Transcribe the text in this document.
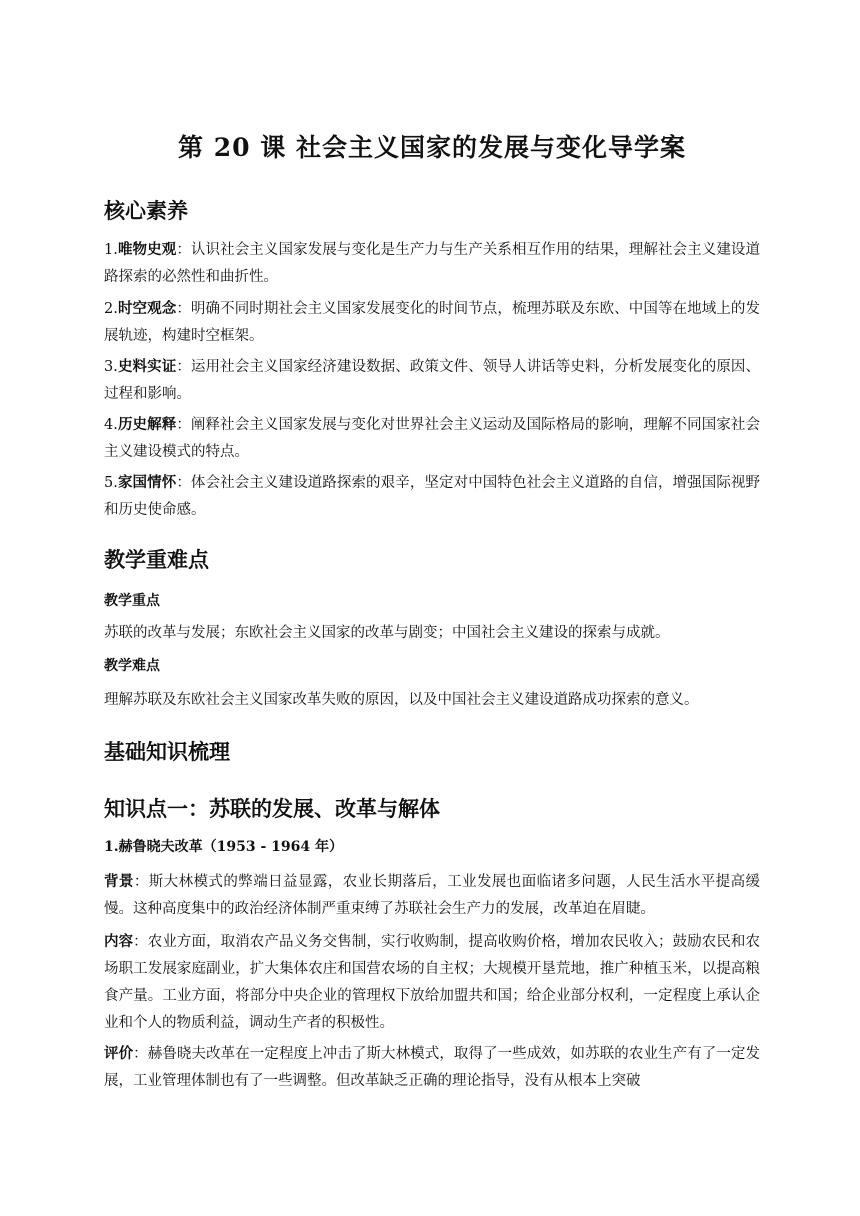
第 20 课 社会主义国家的发展与变化导学案
核心素养

1.唯物史观：认识社会主义国家发展与变化是生产力与生产关系相互作用的结果，理解社会主义建设道路探索的必然性和曲折性。

2.时空观念：明确不同时期社会主义国家发展变化的时间节点，梳理苏联及东欧、中国等在地域上的发展轨迹，构建时空框架。

3.史料实证：运用社会主义国家经济建设数据、政策文件、领导人讲话等史料，分析发展变化的原因、过程和影响。

4.历史解释：阐释社会主义国家发展与变化对世界社会主义运动及国际格局的影响，理解不同国家社会主义建设模式的特点。

5.家国情怀：体会社会主义建设道路探索的艰辛，坚定对中国特色社会主义道路的自信，增强国际视野和历史使命感。

教学重难点

教学重点

苏联的改革与发展；东欧社会主义国家的改革与剧变；中国社会主义建设的探索与成就。

教学难点

理解苏联及东欧社会主义国家改革失败的原因，以及中国社会主义建设道路成功探索的意义。

基础知识梳理
知识点一：苏联的发展、改革与解体

1.赫鲁晓夫改革（1953 - 1964 年）

背景：斯大林模式的弊端日益显露，农业长期落后，工业发展也面临诸多问题，人民生活水平提高缓慢。这种高度集中的政治经济体制严重束缚了苏联社会生产力的发展，改革迫在眉睫。

内容：农业方面，取消农产品义务交售制，实行收购制，提高收购价格，增加农民收入；鼓励农民和农场职工发展家庭副业，扩大集体农庄和国营农场的自主权；大规模开垦荒地，推广种植玉米，以提高粮食产量。工业方面，将部分中央企业的管理权下放给加盟共和国；给企业部分权利，一定程度上承认企业和个人的物质利益，调动生产者的积极性。

评价：赫鲁晓夫改革在一定程度上冲击了斯大林模式，取得了一些成效，如苏联的农业生产有了一定发展，工业管理体制也有了一些调整。但改革缺乏正确的理论指导，没有从根本上突破
